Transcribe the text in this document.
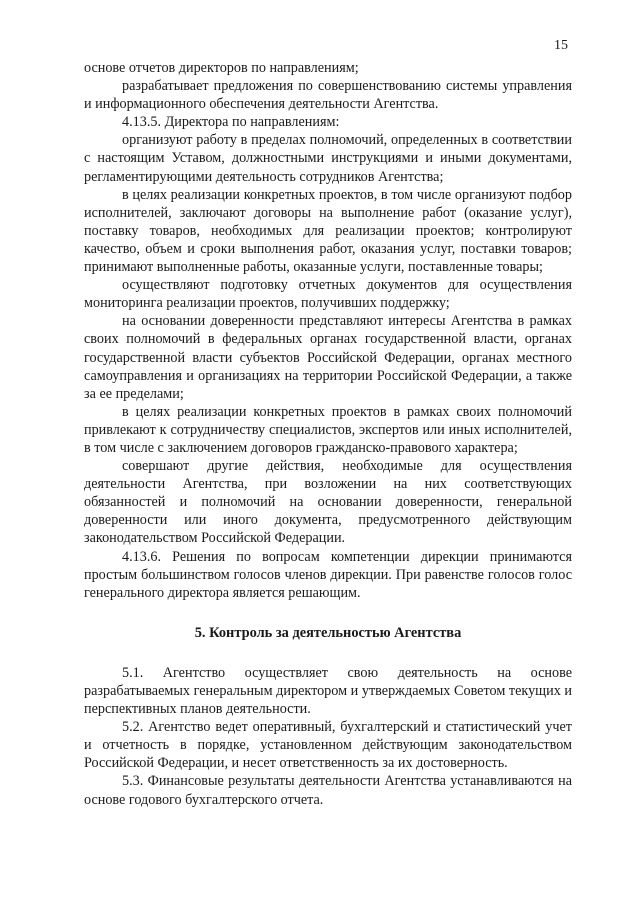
15

основе отчетов директоров по направлениям;

разрабатывает предложения по совершенствованию системы управления и информационного обеспечения деятельности Агентства.

4.13.5. Директора по направлениям:

организуют работу в пределах полномочий, определенных в соответствии с настоящим Уставом, должностными инструкциями и иными документами, регламентирующими деятельность сотрудников Агентства;

в целях реализации конкретных проектов, в том числе организуют подбор исполнителей, заключают договоры на выполнение работ (оказание услуг), поставку товаров, необходимых для реализации проектов; контролируют качество, объем и сроки выполнения работ, оказания услуг, поставки товаров; принимают выполненные работы, оказанные услуги, поставленные товары;

осуществляют подготовку отчетных документов для осуществления мониторинга реализации проектов, получивших поддержку;

на основании доверенности представляют интересы Агентства в рамках своих полномочий в федеральных органах государственной власти, органах государственной власти субъектов Российской Федерации, органах местного самоуправления и организациях на территории Российской Федерации, а также за ее пределами;

в целях реализации конкретных проектов в рамках своих полномочий привлекают к сотрудничеству специалистов, экспертов или иных исполнителей, в том числе с заключением договоров гражданско-правового характера;

совершают другие действия, необходимые для осуществления деятельности Агентства, при возложении на них соответствующих обязанностей и полномочий на основании доверенности, генеральной доверенности или иного документа, предусмотренного действующим законодательством Российской Федерации.

4.13.6. Решения по вопросам компетенции дирекции принимаются простым большинством голосов членов дирекции. При равенстве голосов голос генерального директора является решающим.

5. Контроль за деятельностью Агентства

5.1. Агентство осуществляет свою деятельность на основе разрабатываемых генеральным директором и утверждаемых Советом текущих и перспективных планов деятельности.

5.2. Агентство ведет оперативный, бухгалтерский и статистический учет и отчетность в порядке, установленном действующим законодательством Российской Федерации, и несет ответственность за их достоверность.

5.3. Финансовые результаты деятельности Агентства устанавливаются на основе годового бухгалтерского отчета.
